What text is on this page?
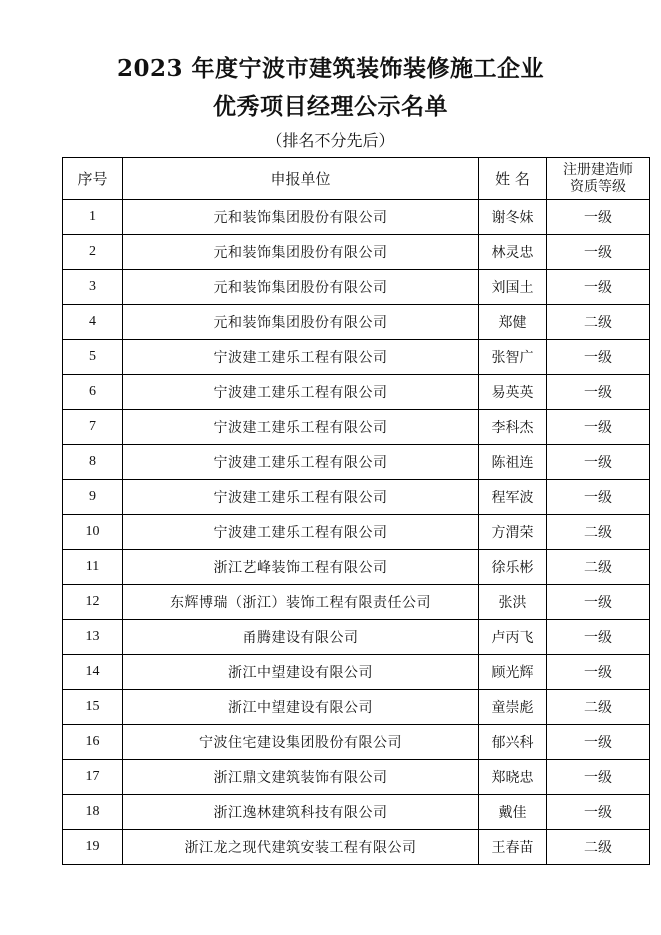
2023 年度宁波市建筑装饰装修施工企业
优秀项目经理公示名单
（排名不分先后）
序号	申报单位	姓 名	注册建造师
资质等级

1	元和装饰集团股份有限公司	谢冬妹	一级
2	元和装饰集团股份有限公司	林灵忠	一级
3	元和装饰集团股份有限公司	刘国土	一级
4	元和装饰集团股份有限公司	郑健	二级
5	宁波建工建乐工程有限公司	张智广	一级
6	宁波建工建乐工程有限公司	易英英	一级
7	宁波建工建乐工程有限公司	李科杰	一级
8	宁波建工建乐工程有限公司	陈祖连	一级
9	宁波建工建乐工程有限公司	程军波	一级
10	宁波建工建乐工程有限公司	方渭荣	二级
11	浙江艺峰装饰工程有限公司	徐乐彬	二级
12	东辉博瑞（浙江）装饰工程有限责任公司	张洪	一级
13	甬腾建设有限公司	卢丙飞	一级
14	浙江中望建设有限公司	顾光辉	一级
15	浙江中望建设有限公司	童崇彪	二级
16	宁波住宅建设集团股份有限公司	郁兴科	一级
17	浙江鼎文建筑装饰有限公司	郑晓忠	一级
18	浙江逸林建筑科技有限公司	戴佳	一级
19	浙江龙之现代建筑安装工程有限公司	王春苗	二级
